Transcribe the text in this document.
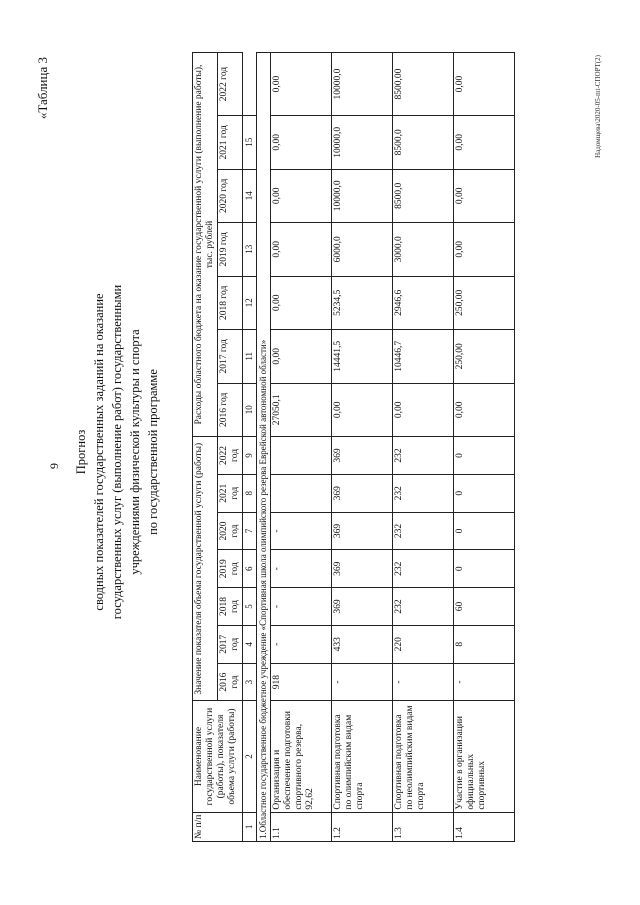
9
«Таблица 3
Прогноз сводных показателей государственных заданий на оказание государственных услуг (выполнение работ) государственными учреждениями физической культуры и спорта по государственной программе
№ п/п	Наименование государственной услуги (работы), показателя объема услуги (работы)	Значение показателя объема государственной услуги (работы)							Расходы областного бюджета на оказание государственной услуги (выполнение работы), тыс. рублей						
		2016 год	2017 год	2018 год	2019 год	2020 год	2021 год	2022 год	2016 год	2017 год	2018 год	2019 год	2020 год	2021 год	2022 год
1	2	3	4	5	6	7	8	9	10	11	12	13	14	15	
1.Областное государственное бюджетное учреждение «Спортивная школа олимпийского резерва Еврейской автономной области»															
1.1	Организация и обеспечение подготовки спортивного резерва, 92,62	918	-	-	-	-			27050,1	0,00	0,00	0,00	0,00	0,00	0,00
1.2	Спортивная подготовка по олимпийским видам спорта	-	433	369	369	369	369	369	0,00	14441,5	5234,5	6000,0	10000,0	10000,0	10000,0
1.3	Спортивная подготовка по неолимпийским видам спорта	-	220	232	232	232	232	232	0,00	10446,7	2946,6	3000,0	8500,0	8500,0	8500,00
1.4	Участие в организации официальных спортивных	-	8	60	0	0	0	0	0,00	250,00	250,00	0,00	0,00	0,00	0,00	Надомщева\2020-05-mt-СПОРТ(2)
